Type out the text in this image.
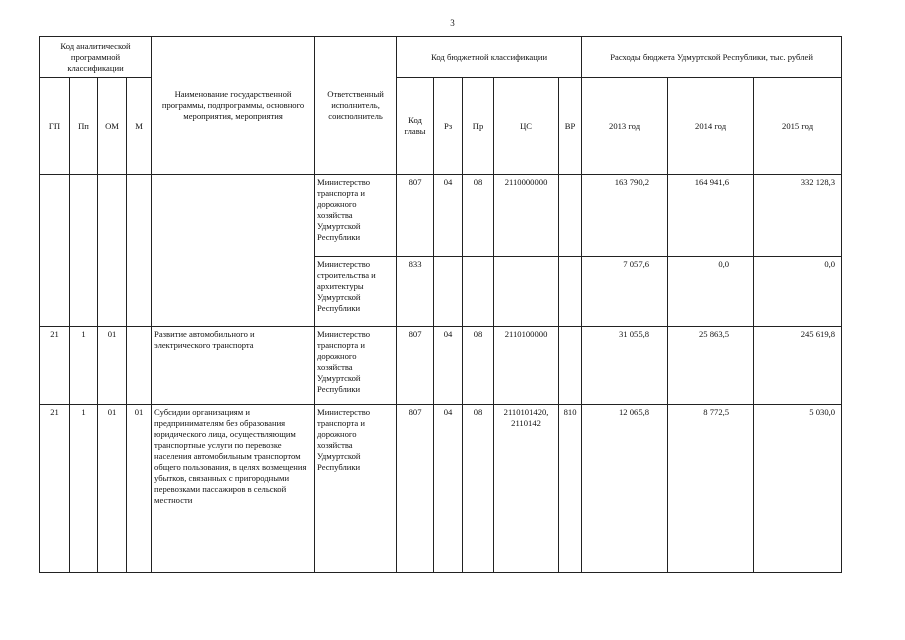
3
Код аналитической программной классификации				Наименование государственной программы, подпрограммы, основного мероприятия, мероприятия	Ответственный исполнитель, соисполнитель	Код бюджетной классификации					Расходы бюджета Удмуртской Республики, тыс. рублей		
ГП	Пп	ОМ	М			Код главы	Рз	Пр	ЦС	ВР	2013 год	2014 год	2015 год
					Министерство транспорта и дорожного хозяйства Удмуртской Республики	807	04	08	2110000000		163 790,2	164 941,6	332 128,3
					Министерство строительства и архитектуры Удмуртской Республики	833					7 057,6	0,0	0,0
21	1	01		Развитие автомобильного и электрического транспорта	Министерство транспорта и дорожного хозяйства Удмуртской Республики	807	04	08	2110100000		31 055,8	25 863,5	245 619,8
21	1	01	01	Субсидии организациям и предпринимателям без образования юридического лица, осуществляющим транспортные услуги по перевозке населения автомобильным транспортом общего пользования, в целях возмещения убытков, связанных с пригородными перевозками пассажиров в сельской местности	Министерство транспорта и дорожного хозяйства Удмуртской Республики	807	04	08	2110101420, 2110142	810	12 065,8	8 772,5	5 030,0
